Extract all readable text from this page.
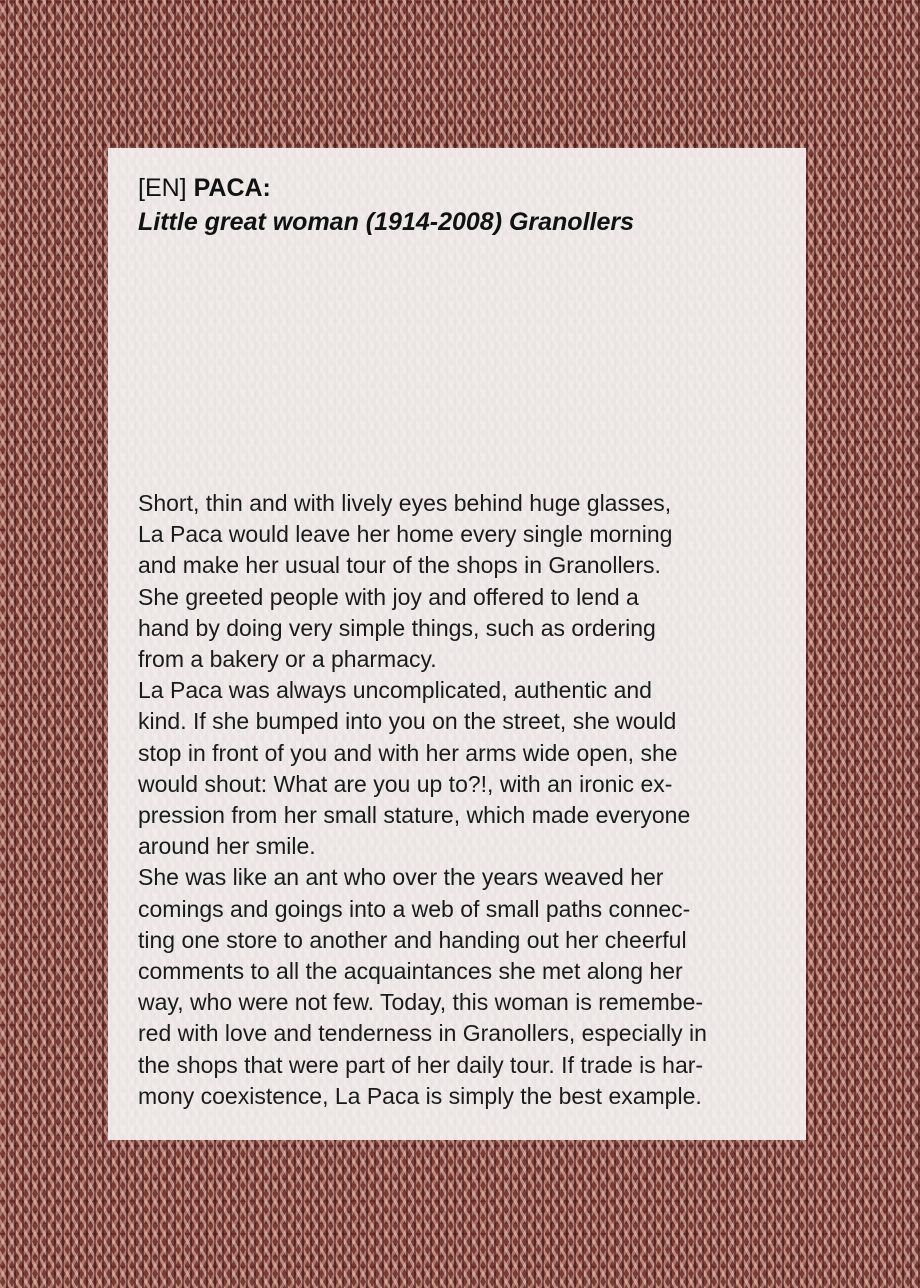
[EN] PACA:
Little great woman (1914-2008) Granollers
Short, thin and with lively eyes behind huge glasses,
La Paca would leave her home every single morning
and make her usual tour of the shops in Granollers.
She greeted people with joy and offered to lend a
hand by doing very simple things, such as ordering
from a bakery or a pharmacy.
La Paca was always uncomplicated, authentic and
kind. If she bumped into you on the street, she would
stop in front of you and with her arms wide open, she
would shout: What are you up to?!, with an ironic ex-
pression from her small stature, which made everyone
around her smile.
She was like an ant who over the years weaved her
comings and goings into a web of small paths connec-
ting one store to another and handing out her cheerful
comments to all the acquaintances she met along her
way, who were not few. Today, this woman is remembe-
red with love and tenderness in Granollers, especially in
the shops that were part of her daily tour. If trade is har-
mony coexistence, La Paca is simply the best example.
